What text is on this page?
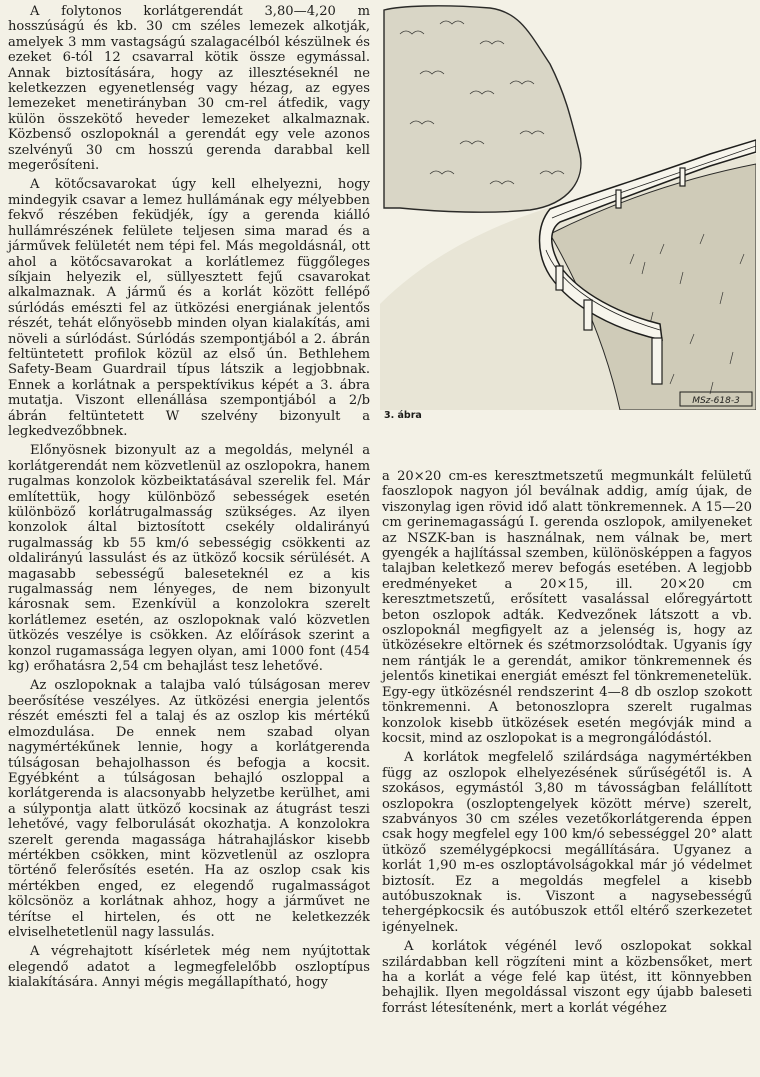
A folytonos korlátgerendát 3,80—4,20 m hosszúságú és kb. 30 cm széles lemezek alkotják, amelyek 3 mm vastagságú szalagacélból készülnek és ezeket 6-tól 12 csavarral kötik össze egymással. Annak biztosítására, hogy az illesztéseknél ne keletkezzen egyenetlenség vagy hézag, az egyes lemezeket menetirányban 30 cm-rel átfedik, vagy külön összekötő heveder lemezeket alkalmaznak. Közbenső oszlopoknál a gerendát egy vele azonos szelvényű 30 cm hosszú gerenda darabbal kell megerősíteni.

A kötőcsavarokat úgy kell elhelyezni, hogy mindegyik csavar a lemez hullámának egy mélyebben fekvő részében feküdjék, így a gerenda kiálló hullámrészének felülete teljesen sima marad és a járművek felületét nem tépi fel. Más megoldásnál, ott ahol a kötőcsavarokat a korlátlemez függőleges síkjain helyezik el, süllyesztett fejű csavarokat alkalmaznak. A jármű és a korlát között fellépő súrlódás emészti fel az ütközési energiának jelentős részét, tehát előnyösebb minden olyan kialakítás, ami növeli a súrlódást. Súrlódás szempontjából a 2. ábrán feltüntetett profilok közül az első ún. Bethlehem Safety-Beam Guardrail típus látszik a legjobbnak. Ennek a korlátnak a perspektívikus képét a 3. ábra mutatja. Viszont ellenállása szempontjából a 2/b ábrán feltüntetett W szelvény bizonyult a legkedvezőbbnek.

Előnyösnek bizonyult az a megoldás, melynél a korlátgerendát nem közvetlenül az oszlopokra, hanem rugalmas konzolok közbeiktatásával szerelik fel. Már említettük, hogy különböző sebességek esetén különböző korlátrugalmasság szükséges. Az ilyen konzolok által biztosított csekély oldalirányú rugalmasság kb 55 km/ó sebességig csökkenti az oldalirányú lassulást és az ütköző kocsik sérülését. A magasabb sebességű baleseteknél ez a kis rugalmasság nem lényeges, de nem bizonyult károsnak sem. Ezenkívül a konzolokra szerelt korlátlemez esetén, az oszlopoknak való közvetlen ütközés veszélye is csökken. Az előírások szerint a konzol rugamassága legyen olyan, ami 1000 font (454 kg) erőhatásra 2,54 cm behajlást tesz lehetővé.

Az oszlopoknak a talajba való túlságosan merev beerősítése veszélyes. Az ütközési energia jelentős részét emészti fel a talaj és az oszlop kis mértékű elmozdulása. De ennek nem szabad olyan nagymértékűnek lennie, hogy a korlátgerenda túlságosan behajolhasson és befogja a kocsit. Egyébként a túlságosan behajló oszloppal a korlátgerenda is alacsonyabb helyzetbe kerülhet, ami a súlypontja alatt ütköző kocsinak az átugrást teszi lehetővé, vagy felborulását okozhatja. A konzolokra szerelt gerenda magassága hátrahajláskor kisebb mértékben csökken, mint közvetlenül az oszlopra történő felerősítés esetén. Ha az oszlop csak kis mértékben enged, ez elegendő rugalmasságot kölcsönöz a korlátnak ahhoz, hogy a járművet ne térítse el hirtelen, és ott ne keletkezzék elviselhetetlenül nagy lassulás.

A végrehajtott kísérletek még nem nyújtottak elegendő adatot a legmegfelelőbb oszloptípus kialakítására. Annyi mégis megállapítható, hogy

MSz-618-3
3. ábra

a 20×20 cm-es keresztmetszetű megmunkált felületű faoszlopok nagyon jól beválnak addig, amíg újak, de viszonylag igen rövid idő alatt tönkremennek. A 15—20 cm gerinemagasságú I. gerenda oszlopok, amilyeneket az NSZK-ban is használnak, nem válnak be, mert gyengék a hajlítással szemben, különösképpen a fagyos talajban keletkező merev befogás esetében. A legjobb eredményeket a 20×15, ill. 20×20 cm keresztmetszetű, erősített vasalással előregyártott beton oszlopok adták. Kedvezőnek látszott a vb. oszlopoknál megfigyelt az a jelenség is, hogy az ütközésekre eltörnek és szétmorzsolódtak. Ugyanis így nem rántják le a gerendát, amikor tönkremennek és jelentős kinetikai energiát emészt fel tönkremenetelük. Egy-egy ütközésnél rendszerint 4—8 db oszlop szokott tönkremenni. A betonoszlopra szerelt rugalmas konzolok kisebb ütközések esetén megóvják mind a kocsit, mind az oszlopokat is a megrongálódástól.

A korlátok megfelelő szilárdsága nagymértékben függ az oszlopok elhelyezésének sűrűségétől is. A szokásos, egymástól 3,80 m távosságban felállított oszlopokra (oszloptengelyek között mérve) szerelt, szabványos 30 cm széles vezetőkorlátgerenda éppen csak hogy megfelel egy 100 km/ó sebességgel 20° alatt ütköző személygépkocsi megállítására. Ugyanez a korlát 1,90 m-es oszloptávolságokkal már jó védelmet biztosít. Ez a megoldás megfelel a kisebb autóbuszoknak is. Viszont a nagysebességű tehergépkocsik és autóbuszok ettől eltérő szerkezetet igényelnek.

A korlátok végénél levő oszlopokat sokkal szilárdabban kell rögzíteni mint a közbensőket, mert ha a korlát a vége felé kap ütést, itt könnyebben behajlik. Ilyen megoldással viszont egy újabb baleseti forrást létesítenénk, mert a korlát végéhez
